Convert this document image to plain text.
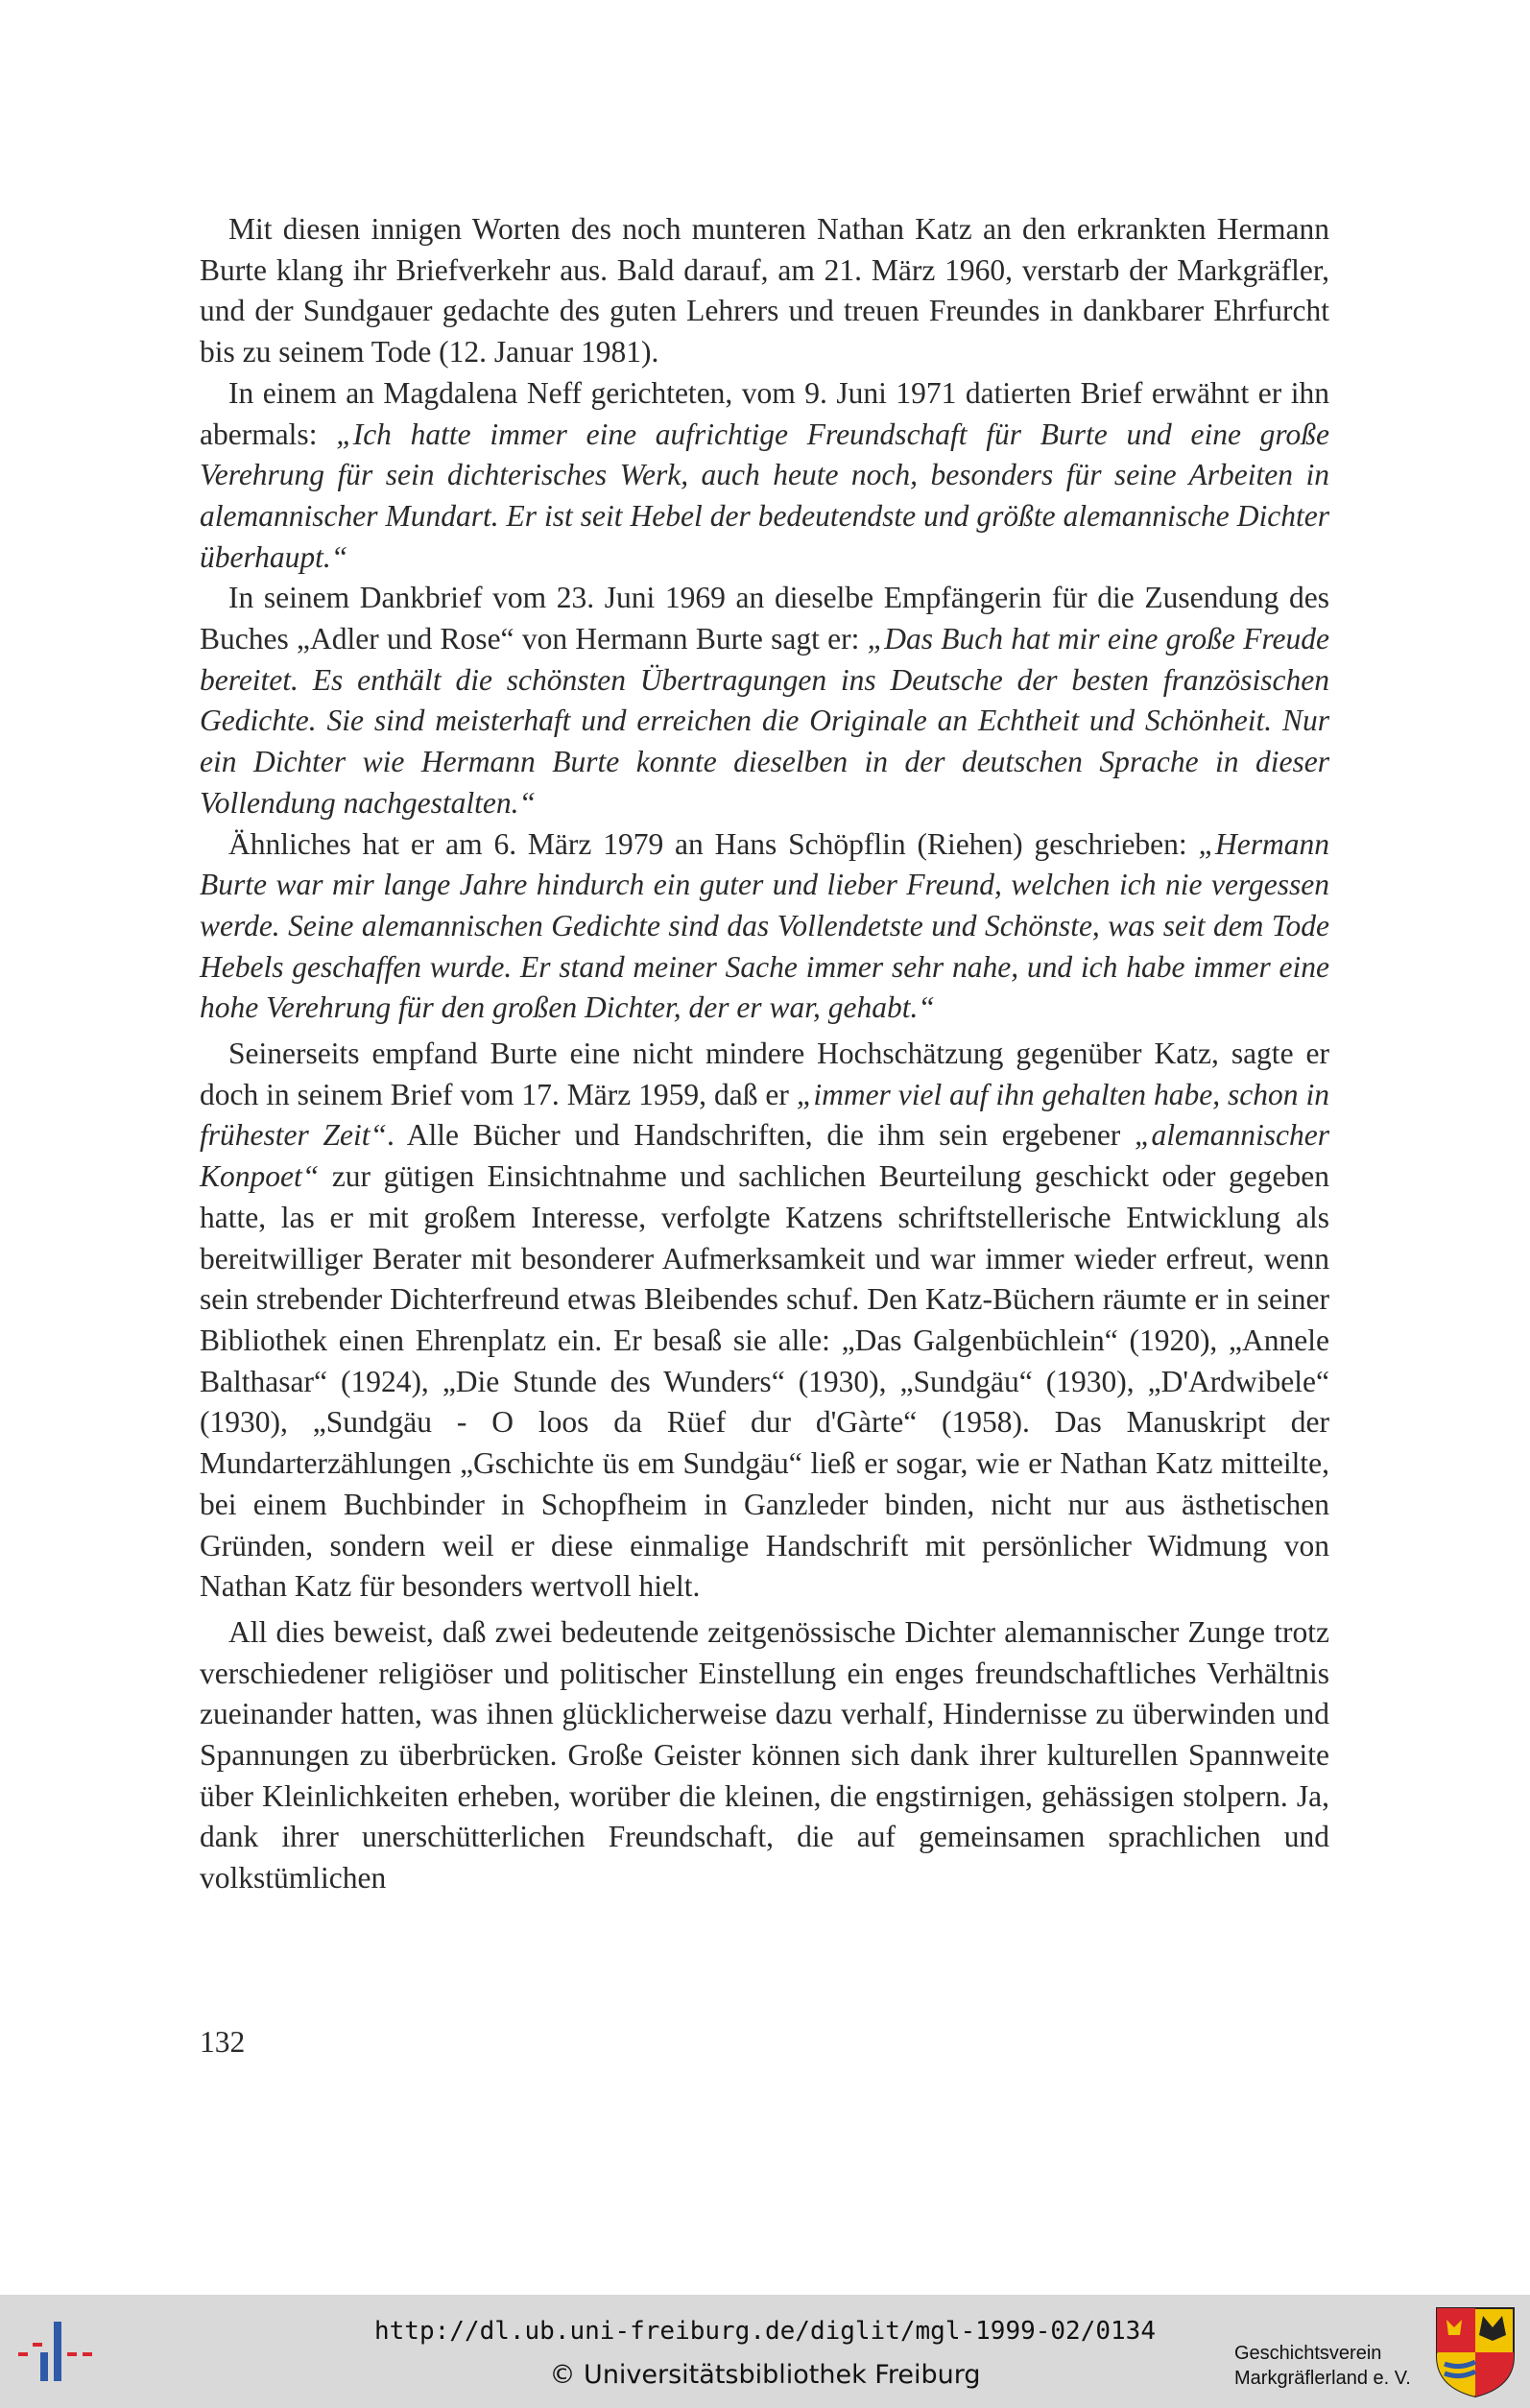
Mit diesen innigen Worten des noch munteren Nathan Katz an den erkrankten Hermann Burte klang ihr Briefverkehr aus. Bald darauf, am 21. März 1960, verstarb der Markgräfler, und der Sundgauer gedachte des guten Lehrers und treuen Freundes in dankbarer Ehrfurcht bis zu seinem Tode (12. Januar 1981).

In einem an Magdalena Neff gerichteten, vom 9. Juni 1971 datierten Brief erwähnt er ihn abermals: „Ich hatte immer eine aufrichtige Freundschaft für Burte und eine große Verehrung für sein dichterisches Werk, auch heute noch, besonders für seine Arbeiten in alemannischer Mundart. Er ist seit Hebel der bedeutendste und größte alemannische Dichter überhaupt.“

In seinem Dankbrief vom 23. Juni 1969 an dieselbe Empfängerin für die Zusendung des Buches „Adler und Rose“ von Hermann Burte sagt er: „Das Buch hat mir eine große Freude bereitet. Es enthält die schönsten Übertragungen ins Deutsche der besten französischen Gedichte. Sie sind meisterhaft und erreichen die Originale an Echtheit und Schönheit. Nur ein Dichter wie Hermann Burte konnte dieselben in der deutschen Sprache in dieser Vollendung nachgestalten.“

Ähnliches hat er am 6. März 1979 an Hans Schöpflin (Riehen) geschrieben: „Hermann Burte war mir lange Jahre hindurch ein guter und lieber Freund, welchen ich nie vergessen werde. Seine alemannischen Gedichte sind das Vollendetste und Schönste, was seit dem Tode Hebels geschaffen wurde. Er stand meiner Sache immer sehr nahe, und ich habe immer eine hohe Verehrung für den großen Dichter, der er war, gehabt.“

Seinerseits empfand Burte eine nicht mindere Hochschätzung gegenüber Katz, sagte er doch in seinem Brief vom 17. März 1959, daß er „immer viel auf ihn gehalten habe, schon in frühester Zeit“. Alle Bücher und Handschriften, die ihm sein ergebener „alemannischer Konpoet“ zur gütigen Einsichtnahme und sachlichen Beurteilung geschickt oder gegeben hatte, las er mit großem Interesse, verfolgte Katzens schriftstellerische Entwicklung als bereitwilliger Berater mit besonderer Aufmerksamkeit und war immer wieder erfreut, wenn sein strebender Dichterfreund etwas Bleibendes schuf. Den Katz-Büchern räumte er in seiner Bibliothek einen Ehrenplatz ein. Er besaß sie alle: „Das Galgenbüchlein“ (1920), „Annele Balthasar“ (1924), „Die Stunde des Wunders“ (1930), „Sundgäu“ (1930), „D'Ardwibele“ (1930), „Sundgäu - O loos da Rüef dur d'Gàrte“ (1958). Das Manuskript der Mundarterzählungen „Gschichte üs em Sundgäu“ ließ er sogar, wie er Nathan Katz mitteilte, bei einem Buchbinder in Schopfheim in Ganzleder binden, nicht nur aus ästhetischen Gründen, sondern weil er diese einmalige Handschrift mit persönlicher Widmung von Nathan Katz für besonders wertvoll hielt.

All dies beweist, daß zwei bedeutende zeitgenössische Dichter alemannischer Zunge trotz verschiedener religiöser und politischer Einstellung ein enges freundschaftliches Verhältnis zueinander hatten, was ihnen glücklicherweise dazu verhalf, Hindernisse zu überwinden und Spannungen zu überbrücken. Große Geister können sich dank ihrer kulturellen Spannweite über Kleinlichkeiten erheben, worüber die kleinen, die engstirnigen, gehässigen stolpern. Ja, dank ihrer unerschütterlichen Freundschaft, die auf gemeinsamen sprachlichen und volkstümlichen

132
http://dl.ub.uni-freiburg.de/diglit/mgl-1999-02/0134
© Universitätsbibliothek Freiburg
Geschichtsverein
Markgräflerland e. V.
